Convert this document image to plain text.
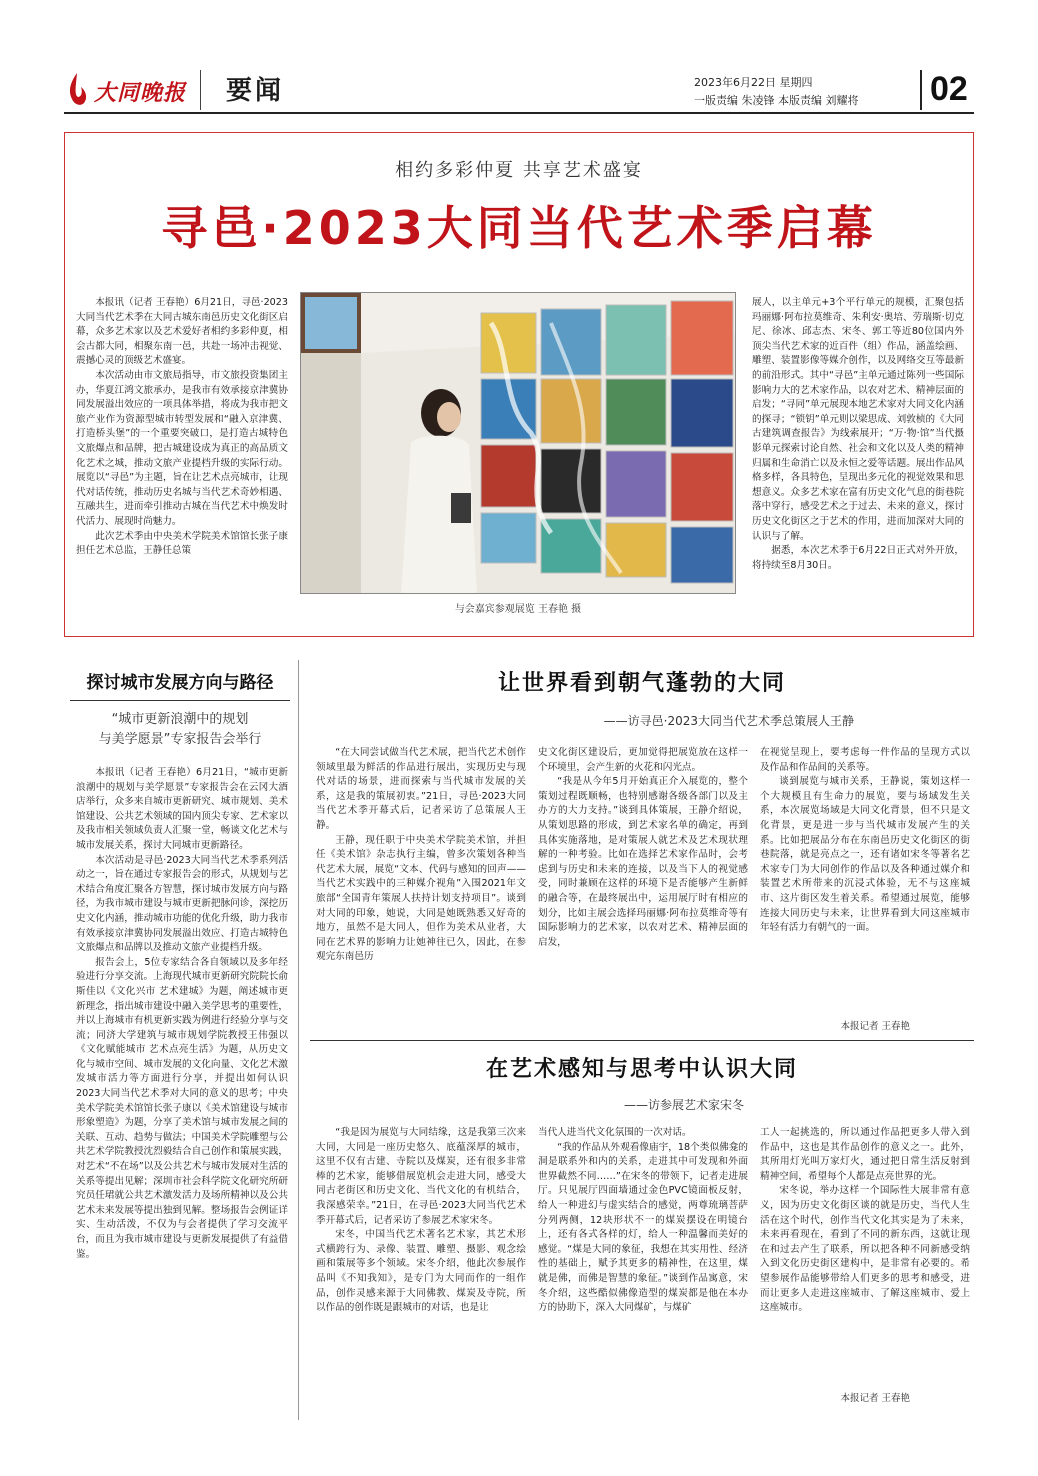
大同晚报 要闻	2023年6月22日 星期四
一版责编 朱凌锋 本版责编 刘耀将 02
相约多彩仲夏 共享艺术盛宴
寻邑·2023大同当代艺术季启幕

本报讯（记者 王春艳）6月21日，寻邑·2023大同当代艺术季在大同古城东南邑历史文化街区启幕，众多艺术家以及艺术爱好者相约多彩仲夏，相会古都大同，相聚东南一邑，共赴一场冲击视觉、震撼心灵的顶级艺术盛宴。

本次活动由市文旅局指导，市文旅投资集团主办，华夏江鸿文旅承办，是我市有效承接京津冀协同发展溢出效应的一项具体举措，将成为我市把文旅产业作为资源型城市转型发展和“融入京津冀、打造桥头堡”的一个重要突破口，是打造古城特色文旅爆点和品牌，把古城建设成为真正的高品质文化艺术之城，推动文旅产业提档升级的实际行动。展览以“寻邑”为主题，旨在让艺术点亮城市，让现代对话传统，推动历史名城与当代艺术奇妙相遇、互融共生，进而牵引推动古城在当代艺术中焕发时代活力、展现时尚魅力。

此次艺术季由中央美术学院美术馆馆长张子康担任艺术总监，王静任总策

与会嘉宾参观展览 王春艳 摄

展人，以主单元+3个平行单元的规模，汇聚包括玛丽娜·阿布拉莫维奇、朱利安·奥培、劳瑞斯·切克尼、徐冰、邱志杰、宋冬、郭工等近80位国内外顶尖当代艺术家的近百件（组）作品，涵盖绘画、雕塑、装置影像等媒介创作，以及网络交互等最新的前沿形式。其中“寻邑”主单元通过陈列一些国际影响力大的艺术家作品，以农对艺术、精神层面的启发；“寻同”单元展现本地艺术家对大同文化内涵的探寻；“锁钥”单元则以梁思成、刘敦桢的《大同古建筑调查报告》为线索展开；“万·物·馆”当代摄影单元探索讨论自然、社会和文化以及人类的精神归属和生命消亡以及永恒之爱等话题。展出作品风格多样，各具特色，呈现出多元化的视觉效果和思想意义。众多艺术家在富有历史文化气息的街巷院落中穿行，感受艺术之于过去、未来的意义，探讨历史文化街区之于艺术的作用，进而加深对大同的认识与了解。

据悉，本次艺术季于6月22日正式对外开放，将持续至8月30日。

探讨城市发展方向与路径
“城市更新浪潮中的规划
与美学愿景”专家报告会举行

本报讯（记者 王春艳）6月21日，“城市更新浪潮中的规划与美学愿景”专家报告会在云冈大酒店举行，众多来自城市更新研究、城市规划、美术馆建设、公共艺术领域的国内顶尖专家、艺术家以及我市相关领域负责人汇聚一堂，畅谈文化艺术与城市发展关系，探讨大同城市更新路径。

本次活动是寻邑·2023大同当代艺术季系列活动之一，旨在通过专家报告会的形式，从规划与艺术结合角度汇聚各方智慧，探讨城市发展方向与路径，为我市城市建设与城市更新把脉问诊，深挖历史文化内涵，推动城市功能的优化升级，助力我市有效承接京津冀协同发展溢出效应、打造古城特色文旅爆点和品牌以及推动文旅产业提档升级。

报告会上，5位专家结合各自领域以及多年经验进行分享交流。上海现代城市更新研究院院长俞斯佳以《文化兴市 艺术建城》为题，阐述城市更新理念，指出城市建设中融入美学思考的重要性，并以上海城市有机更新实践为例进行经验分享与交流；同济大学建筑与城市规划学院教授王伟强以《文化赋能城市 艺术点亮生活》为题，从历史文化与城市空间、城市发展的文化向量、文化艺术激发城市活力等方面进行分享，并提出如何认识2023大同当代艺术季对大同的意义的思考；中央美术学院美术馆馆长张子康以《美术馆建设与城市形象塑造》为题，分享了美术馆与城市发展之间的关联、互动、趋势与做法；中国美术学院雕塑与公共艺术学院教授沈烈毅结合自己创作和策展实践，对艺术“不在场”以及公共艺术与城市发展对生活的关系等提出见解；深圳市社会科学院文化研究所研究员任珺就公共艺术激发活力及场所精神以及公共艺术未来发展等提出独到见解。整场报告会例证详实、生动活泼，不仅为与会者提供了学习交流平台，而且为我市城市建设与更新发展提供了有益借鉴。

让世界看到朝气蓬勃的大同
——访寻邑·2023大同当代艺术季总策展人王静

“在大同尝试做当代艺术展，把当代艺术创作领域里最为鲜活的作品进行展出，实现历史与现代对话的场景，进而探索与当代城市发展的关系，这是我的策展初衷。”21日，寻邑·2023大同当代艺术季开幕式后，记者采访了总策展人王静。

王静，现任职于中央美术学院美术馆，并担任《美术馆》杂志执行主编，曾多次策划各种当代艺术大展，展览“文本、代码与感知的回声——当代艺术实践中的三种媒介视角”入围2021年文旅部“全国青年策展人扶持计划支持项目”。谈到对大同的印象，她说，大同是她既熟悉又好奇的地方，虽然不是大同人，但作为美术从业者，大同在艺术界的影响力让她神往已久，因此，在参观完东南邑历

史文化街区建设后，更加觉得把展览放在这样一个环境里，会产生新的火花和闪光点。

“我是从今年5月开始真正介入展览的，整个策划过程既顺畅，也特别感谢各级各部门以及主办方的大力支持。”谈到具体策展，王静介绍说，从策划思路的形成，到艺术家名单的确定，再到具体实施落地，是对策展人就艺术及艺术现状理解的一种考验。比如在选择艺术家作品时，会考虑到与历史和未来的连接，以及当下人的视觉感受，同时兼顾在这样的环境下是否能够产生新鲜的融合等，在最终展出中，运用展厅时有相应的划分，比如主展会选择玛丽娜·阿布拉莫维奇等有国际影响力的艺术家，以农对艺术、精神层面的启发，

在视觉呈现上，要考虑每一件作品的呈现方式以及作品和作品间的关系等。

谈到展览与城市关系，王静说，策划这样一个大规模且有生命力的展览，要与场域发生关系，本次展览场域是大同文化背景，但不只是文化背景，更是进一步与当代城市发展产生的关系。比如把展品分布在东南邑历史文化街区的街巷院落，就是亮点之一，还有诸如宋冬等著名艺术家专门为大同创作的作品以及各种通过媒介和装置艺术所带来的沉浸式体验，无不与这座城市、这片街区发生着关系。希望通过展览，能够连接大同历史与未来，让世界看到大同这座城市年轻有活力有朝气的一面。

本报记者 王春艳
在艺术感知与思考中认识大同
——访参展艺术家宋冬

“我是因为展览与大同结缘，这是我第三次来大同，大同是一座历史悠久、底蕴深厚的城市，这里不仅有古建、寺院以及煤炭，还有很多非常棒的艺术家，能够借展览机会走进大同，感受大同古老街区和历史文化、当代文化的有机结合，我深感荣幸。”21日，在寻邑·2023大同当代艺术季开幕式后，记者采访了参展艺术家宋冬。

宋冬，中国当代艺术著名艺术家，其艺术形式横跨行为、录像、装置、雕塑、摄影、观念绘画和策展等多个领域。宋冬介绍，他此次参展作品叫《不知我知》，是专门为大同而作的一组作品，创作灵感来源于大同佛教、煤炭及寺院，所以作品的创作既是跟城市的对话，也是让

当代人进当代文化氛围的一次对话。

“我的作品从外观看像庙宇，18个类似佛龛的洞是联系外和内的关系，走进其中可发现和外面世界截然不同……”在宋冬的带领下，记者走进展厅。只见展厅四面墙通过金色PVC镜面板反射，给人一种进幻与虚实结合的感觉，两尊琉璃菩萨分列两侧，12块形状不一的煤炭摆设在明镜台上，还有各式各样的灯，给人一种温馨而美好的感觉。“煤是大同的象征，我想在其实用性、经济性的基础上，赋予其更多的精神性，在这里，煤就是佛，而佛是智慧的象征。”谈到作品寓意，宋冬介绍，这些酷似佛像造型的煤炭都是他在本办方的协助下，深入大同煤矿，与煤矿

工人一起挑选的，所以通过作品把更多人带入到作品中，这也是其作品创作的意义之一。此外，其所用灯光叫万家灯火，通过把日常生活反射到精神空间，希望每个人都是点亮世界的光。

宋冬说，举办这样一个国际性大展非常有意义，因为历史文化街区谈的就是历史，当代人生活在这个时代，创作当代文化其实是为了未来，未来再看现在，看到了不同的新东西，这就让现在和过去产生了联系，所以把各种不同新感受纳入到文化历史街区建构中，是非常有必要的。希望参展作品能够带给人们更多的思考和感受，进而让更多人走进这座城市、了解这座城市、爱上这座城市。

本报记者 王春艳
